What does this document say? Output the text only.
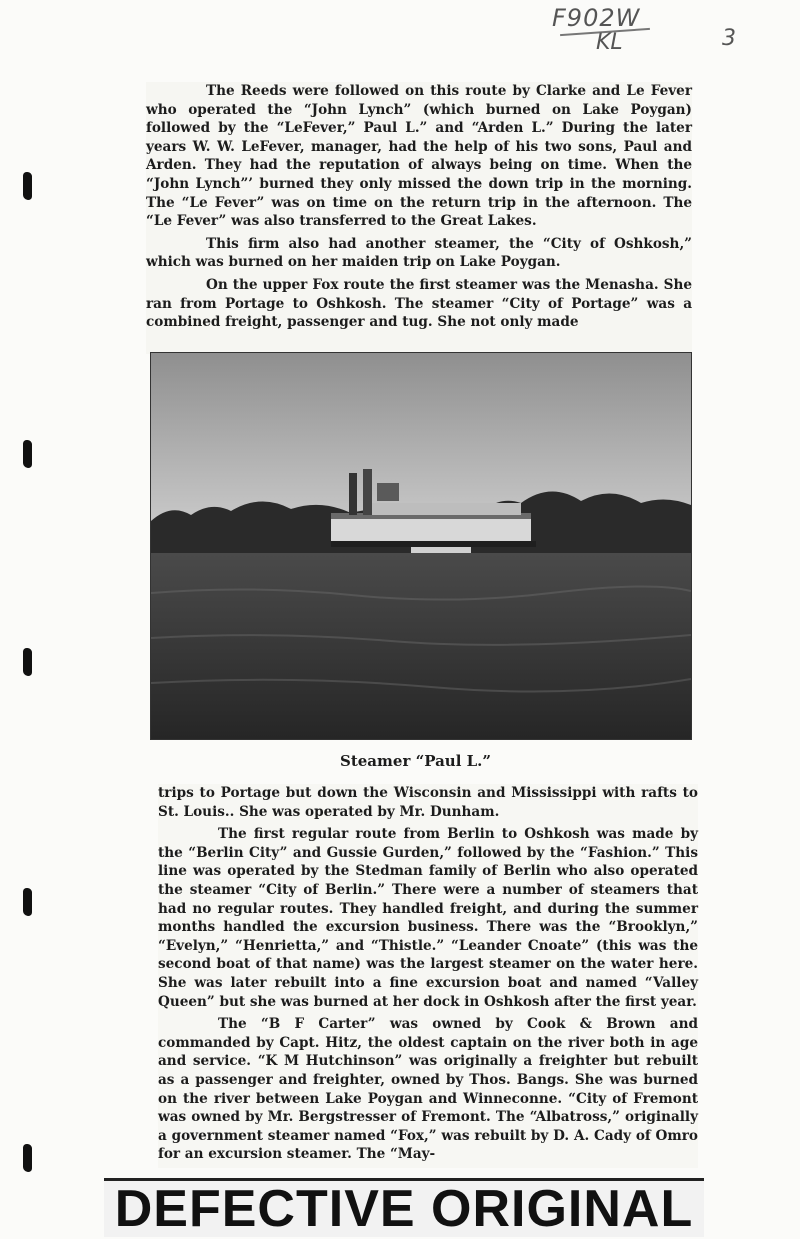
F902W
KL	3

The Reeds were followed on this route by Clarke and Le Fever who operated the “John Lynch” (which burned on Lake Poygan) followed by the “LeFever,” Paul L.” and “Arden L.” During the later years W. W. LeFever, manager, had the help of his two sons, Paul and Arden. They had the reputation of always being on time. When the “John Lynch”’ burned they only missed the down trip in the morning. The “Le Fever” was on time on the return trip in the afternoon. The “Le Fever” was also transferred to the Great Lakes.

This firm also had another steamer, the “City of Oshkosh,” which was burned on her maiden trip on Lake Poygan.

On the upper Fox route the first steamer was the Menasha. She ran from Portage to Oshkosh. The steamer “City of Portage” was a combined freight, passenger and tug. She not only made

Steamer “Paul L.”

trips to Portage but down the Wisconsin and Mississippi with rafts to St. Louis.. She was operated by Mr. Dunham.

The first regular route from Berlin to Oshkosh was made by the “Berlin City” and Gussie Gurden,” followed by the “Fashion.” This line was operated by the Stedman family of Berlin who also operated the steamer “City of Berlin.” There were a number of steamers that had no regular routes. They handled freight, and during the summer months handled the excursion business. There was the “Brooklyn,” “Evelyn,” “Henrietta,” and “Thistle.” “Leander Cnoate” (this was the second boat of that name) was the largest steamer on the water here. She was later rebuilt into a fine excursion boat and named “Valley Queen” but she was burned at her dock in Oshkosh after the first year.

The “B F Carter” was owned by Cook & Brown and commanded by Capt. Hitz, the oldest captain on the river both in age and service. “K M Hutchinson” was originally a freighter but rebuilt as a passenger and freighter, owned by Thos. Bangs. She was burned on the river between Lake Poygan and Winneconne. “City of Fremont was owned by Mr. Bergstresser of Fremont. The “Albatross,” originally a government steamer named “Fox,” was rebuilt by D. A. Cady of Omro for an excursion steamer. The “May-

DEFECTIVE ORIGINAL
